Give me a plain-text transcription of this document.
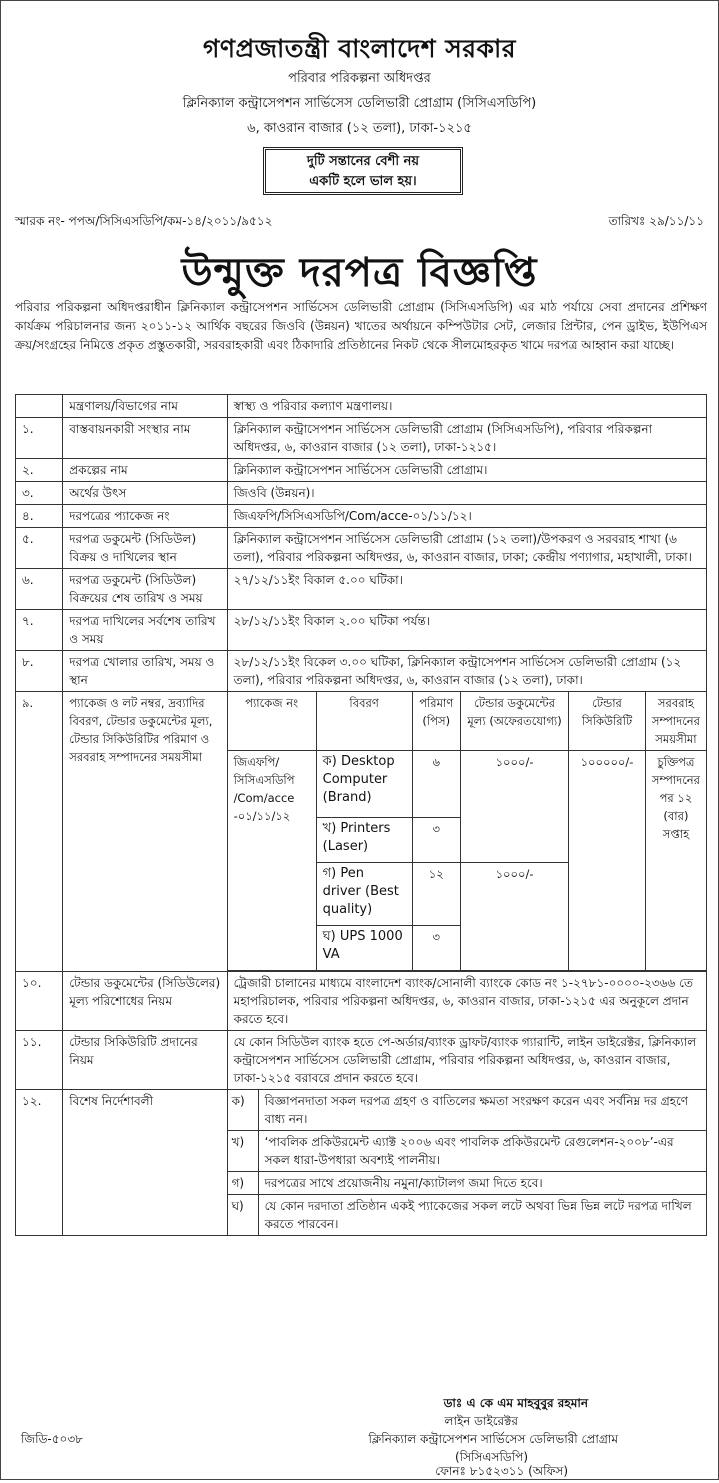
গণপ্রজাতন্ত্রী বাংলাদেশ সরকার
পরিবার পরিকল্পনা অধিদপ্তর
ক্লিনিক্যাল কন্ট্রাসেপশন সার্ভিসেস ডেলিভারী প্রোগ্রাম (সিসিএসডিপি)
৬, কাওরান বাজার (১২ তলা), ঢাকা-১২১৫
দুটি সন্তানের বেশী নয়
একটি হলে ভাল হয়।
স্মারক নং- পপঅ/সিসিএসডিপি/কম-১৪/২০১১/৯৫১২	তারিখঃ ২৯/১১/১১
উন্মুক্ত দরপত্র বিজ্ঞপ্তি
পরিবার পরিকল্পনা অধিদপ্তরাধীন ক্লিনিক্যাল কন্ট্রাসেপশন সার্ভিসেস ডেলিভারী প্রোগ্রাম (সিসিএসডিপি) এর মাঠ পর্যায়ে সেবা প্রদানের প্রশিক্ষণ কার্যক্রম পরিচালনার জন্য ২০১১-১২ আর্থিক বছরের জিওবি (উন্নয়ন) খাতের অর্থায়নে কম্পিউটার সেট, লেজার প্রিন্টার, পেন ড্রাইভ, ইউপিএস ক্রয়/সংগ্রহের নিমিত্তে প্রকৃত প্রস্তুতকারী, সরবরাহকারী এবং ঠিকাদারি প্রতিষ্ঠানের নিকট থেকে সীলমোহরকৃত খামে দরপত্র আহ্বান করা যাচ্ছে।
	মন্ত্রণালয়/বিভাগের নাম	স্বাস্থ্য ও পরিবার কল্যাণ মন্ত্রণালয়।
১.	বাস্তবায়নকারী সংস্থার নাম	ক্লিনিক্যাল কন্ট্রাসেপশন সার্ভিসেস ডেলিভারী প্রোগ্রাম (সিসিএসডিপি), পরিবার পরিকল্পনা অধিদপ্তর, ৬, কাওরান বাজার (১২ তলা), ঢাকা-১২১৫।
২.	প্রকল্পের নাম	ক্লিনিক্যাল কন্ট্রাসেপশন সার্ভিসেস ডেলিভারী প্রোগ্রাম।
৩.	অর্থের উৎস	জিওবি (উন্নয়ন)।
৪.	দরপত্রের প্যাকেজ নং	জিএফপি/সিসিএসডিপি/Com/acce-০১/১১/১২।
৫.	দরপত্র ডকুমেন্ট (সিডিউল) বিক্রয় ও দাখিলের স্থান	ক্লিনিক্যাল কন্ট্রাসেপশন সার্ভিসেস ডেলিভারী প্রোগ্রাম (১২ তলা)/উপকরণ ও সরবরাহ শাখা (৬ তলা), পরিবার পরিকল্পনা অধিদপ্তর, ৬, কাওরান বাজার, ঢাকা; কেন্দ্রীয় পণ্যাগার, মহাখালী, ঢাকা।
৬.	দরপত্র ডকুমেন্ট (সিডিউল) বিক্রয়ের শেষ তারিখ ও সময়	২৭/১২/১১ইং বিকাল ৫.০০ ঘটিকা।
৭.	দরপত্র দাখিলের সর্বশেষ তারিখ ও সময়	২৮/১২/১১ইং বিকাল ২.০০ ঘটিকা পর্যন্ত।
৮.	দরপত্র খোলার তারিখ, সময় ও স্থান	২৮/১২/১১ইং বিকেল ৩.০০ ঘটিকা, ক্লিনিক্যাল কন্ট্রাসেপশন সার্ভিসেস ডেলিভারী প্রোগ্রাম (১২ তলা), পরিবার পরিকল্পনা অধিদপ্তর, ৬, কাওরান বাজার (১২ তলা), ঢাকা।
৯.	প্যাকেজ ও লট নম্বর, দ্রব্যাদির বিবরণ, টেন্ডার ডকুমেন্টের মূল্য, টেন্ডার সিকিউরিটির পরিমাণ ও সরবরাহ সম্পাদনের সময়সীমা	প্যাকেজ নং	বিবরণ	পরিমাণ (পিস)	টেন্ডার ডকুমেন্টের মূল্য (অফেরতযোগ্য)	টেন্ডার সিকিউরিটি	সরবরাহ সম্পাদনের সময়সীমা
জিএফপি/ সিসিএসডিপি /Com/acce -০১/১১/১২	ক) Desktop Computer (Brand)	৬	১০০০/-	১০০০০০/-	চুক্তিপত্র সম্পাদনের পর ১২ (বার) সপ্তাহ
খ) Printers (Laser)	৩
গ) Pen driver (Best quality)	১২	১০০০/-
ঘ) UPS 1000 VA	৩

১০.	টেন্ডার ডকুমেন্টের (সিডিউলের) মূল্য পরিশোধের নিয়ম	ট্রেজারী চালানের মাধ্যমে বাংলাদেশ ব্যাংক/সোনালী ব্যাংকে কোড নং ১-২৭৮১-০০০০-২৩৬৬ তে মহাপরিচালক, পরিবার পরিকল্পনা অধিদপ্তর, ৬, কাওরান বাজার, ঢাকা-১২১৫ এর অনুকূলে প্রদান করতে হবে।
১১.	টেন্ডার সিকিউরিটি প্রদানের নিয়ম	যে কোন সিডিউল ব্যাংক হতে পে-অর্ডার/ব্যাংক ড্রাফট/ব্যাংক গ্যারান্টি, লাইন ডাইরেক্টর, ক্লিনিক্যাল কন্ট্রাসেপশন সার্ভিসেস ডেলিভারী প্রোগ্রাম, পরিবার পরিকল্পনা অধিদপ্তর, ৬, কাওরান বাজার, ঢাকা-১২১৫ বরাবরে প্রদান করতে হবে।
১২.	বিশেষ নির্দেশাবলী		ক)	বিজ্ঞাপনদাতা সকল দরপত্র গ্রহণ ও বাতিলের ক্ষমতা সংরক্ষণ করেন এবং সর্বনিম্ন দর গ্রহণে বাধ্য নন।
খ)	‘পাবলিক প্রকিউরমেন্ট এ্যাক্ট ২০০৬ এবং পাবলিক প্রকিউরমেন্ট রেগুলেশন-২০০৮’-এর সকল ধারা-উপধারা অবশ্যই পালনীয়।
গ)	দরপত্রের সাথে প্রয়োজনীয় নমুনা/ক্যাটালগ জমা দিতে হবে।
ঘ)	যে কোন দরদাতা প্রতিষ্ঠান একই প্যাকেজের সকল লটে অথবা ভিন্ন ভিন্ন লটে দরপত্র দাখিল করতে পারবেন।
ডাঃ এ কে এম মাহবুবুর রহমান
লাইন ডাইরেক্টর
ক্লিনিক্যাল কন্ট্রাসেপশন সার্ভিসেস ডেলিভারী প্রোগ্রাম
(সিসিএসডিপি)
ফোনঃ ৮১৫২৩১১ (অফিস)
জিডি-৫০৩৮
